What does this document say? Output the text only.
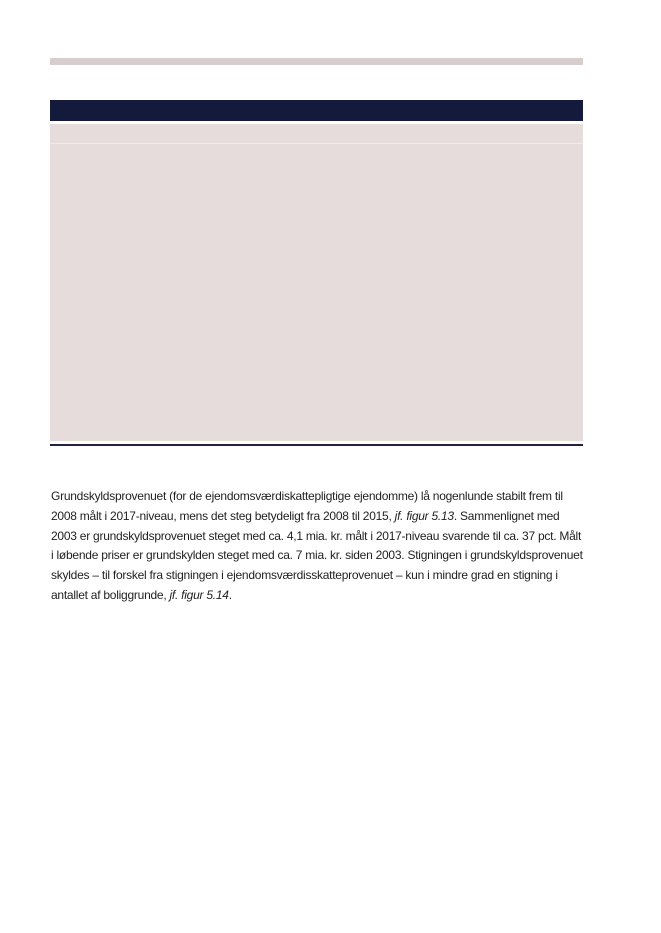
Grundskyldsprovenuet (for de ejendomsværdiskattepligtige ejendomme) lå nogenlunde stabilt frem til 2008 målt i 2017-niveau, mens det steg betydeligt fra 2008 til 2015, jf. figur 5.13. Sammenlignet med 2003 er grundskyldsprovenuet steget med ca. 4,1 mia. kr. målt i 2017-niveau svarende til ca. 37 pct. Målt i løbende priser er grundskylden steget med ca. 7 mia. kr. siden 2003. Stigningen i grundskyldsprovenuet skyldes – til forskel fra stigningen i ejendomsværdisskatteprovenuet – kun i mindre grad en stigning i antallet af boliggrunde, jf. figur 5.14.
